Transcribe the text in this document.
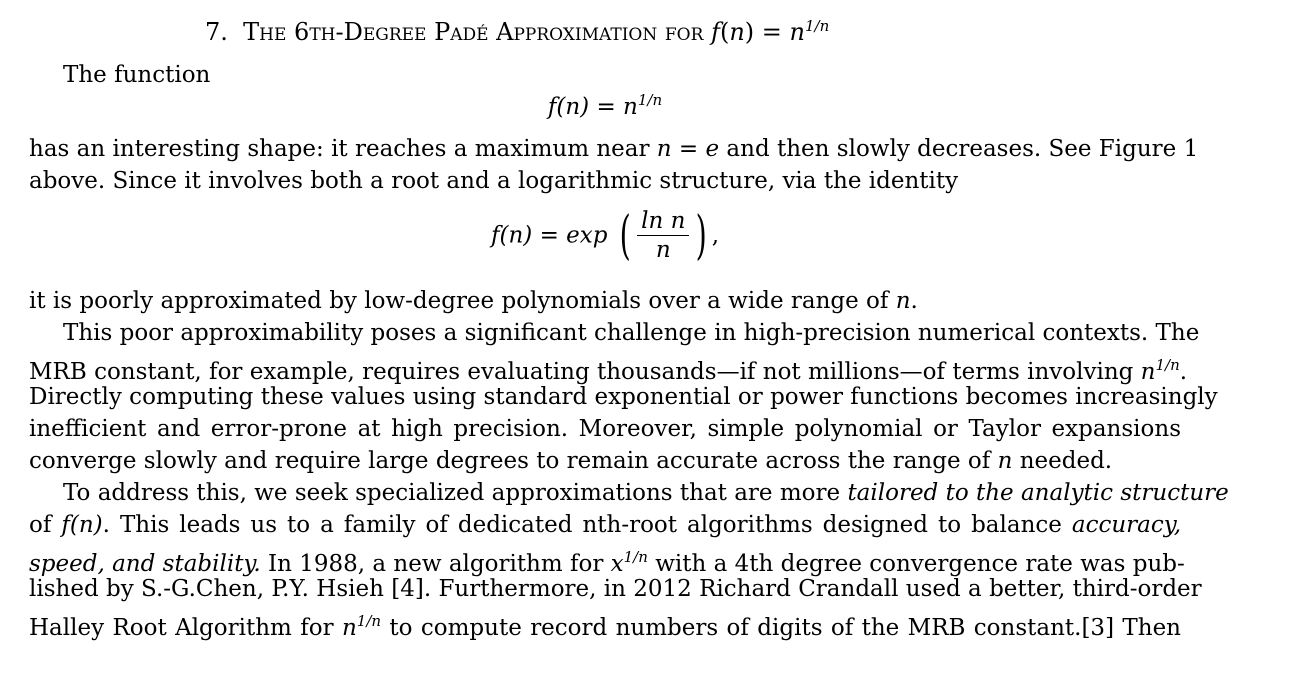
7. The 6th-Degree Padé Approximation for $f(n) = n^{1/n}$
The function
$f(n) = n^{1/n}$
has an interesting shape: it reaches a maximum near n = e and then slowly decreases. See Figure 1
above. Since it involves both a root and a logarithmic structure, via the identity
f(n) = exp ( $\frac{\text{ln n}}{n}$ ) ,
it is poorly approximated by low-degree polynomials over a wide range of n.
This poor approximability poses a significant challenge in high-precision numerical contexts. The
MRB constant, for example, requires evaluating thousands—if not millions—of terms involving $n^{1/n}$.
Directly computing these values using standard exponential or power functions becomes increasingly
inefficient and error-prone at high precision. Moreover, simple polynomial or Taylor expansions
converge slowly and require large degrees to remain accurate across the range of n needed.
To address this, we seek specialized approximations that are more tailored to the analytic structure
of f(n). This leads us to a family of dedicated nth-root algorithms designed to balance accuracy,
speed, and stability. In 1988, a new algorithm for $x^{1/n}$ with a 4th degree convergence rate was pub-
lished by S.-G.Chen, P.Y. Hsieh [4]. Furthermore, in 2012 Richard Crandall used a better, third-order
Halley Root Algorithm for $n^{1/n}$ to compute record numbers of digits of the MRB constant.[3] Then
